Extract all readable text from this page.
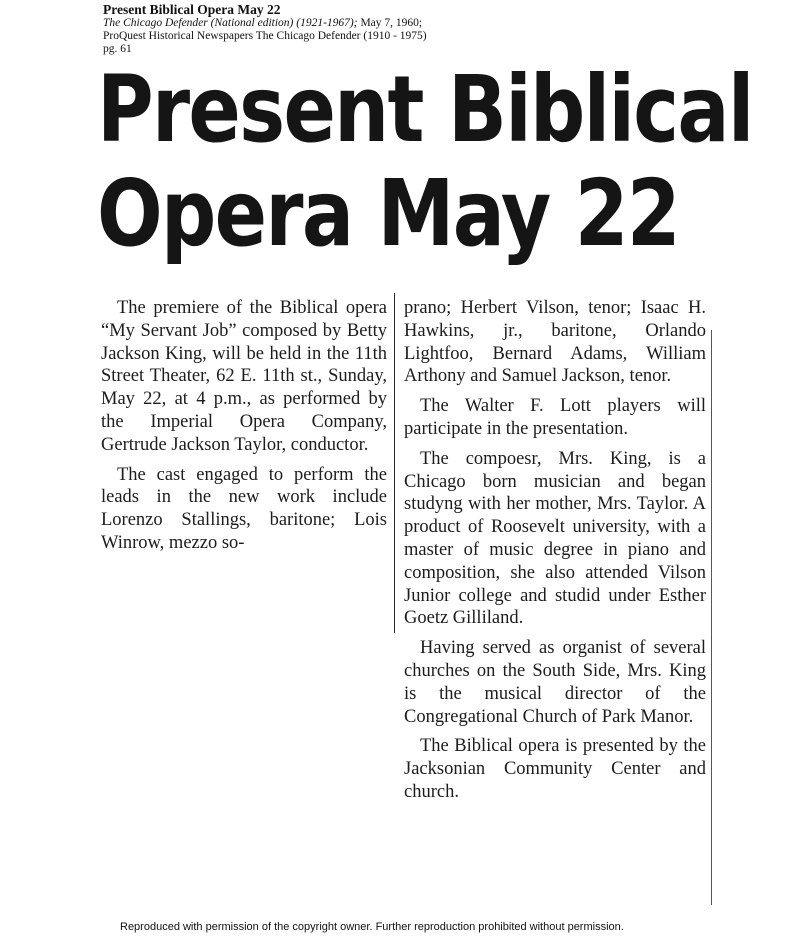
Present Biblical Opera May 22
The Chicago Defender (National edition) (1921-1967); May 7, 1960;
ProQuest Historical Newspapers The Chicago Defender (1910 - 1975)
pg. 61
Present Biblical
Opera May 22

The premiere of the Biblical opera “My Servant Job” composed by Betty Jackson King, will be held in the 11th Street Theater, 62 E. 11th st., Sunday, May 22, at 4 p.m., as performed by the Imperial Opera Company, Gertrude Jackson Taylor, conductor.

The cast engaged to perform the leads in the new work include Lorenzo Stallings, baritone; Lois Winrow, mezzo so-

prano; Herbert Vilson, tenor; Isaac H. Hawkins, jr., baritone, Orlando Lightfoo, Bernard Adams, William Arthony and Samuel Jackson, tenor.

The Walter F. Lott players will participate in the presentation.

The compoesr, Mrs. King, is a Chicago born musician and began studyng with her mother, Mrs. Taylor. A product of Roosevelt university, with a master of music degree in piano and composition, she also attended Vilson Junior college and studid under Esther Goetz Gilliland.

Having served as organist of several churches on the South Side, Mrs. King is the musical director of the Congregational Church of Park Manor.

The Biblical opera is presented by the Jacksonian Community Center and church.

Reproduced with permission of the copyright owner. Further reproduction prohibited without permission.
